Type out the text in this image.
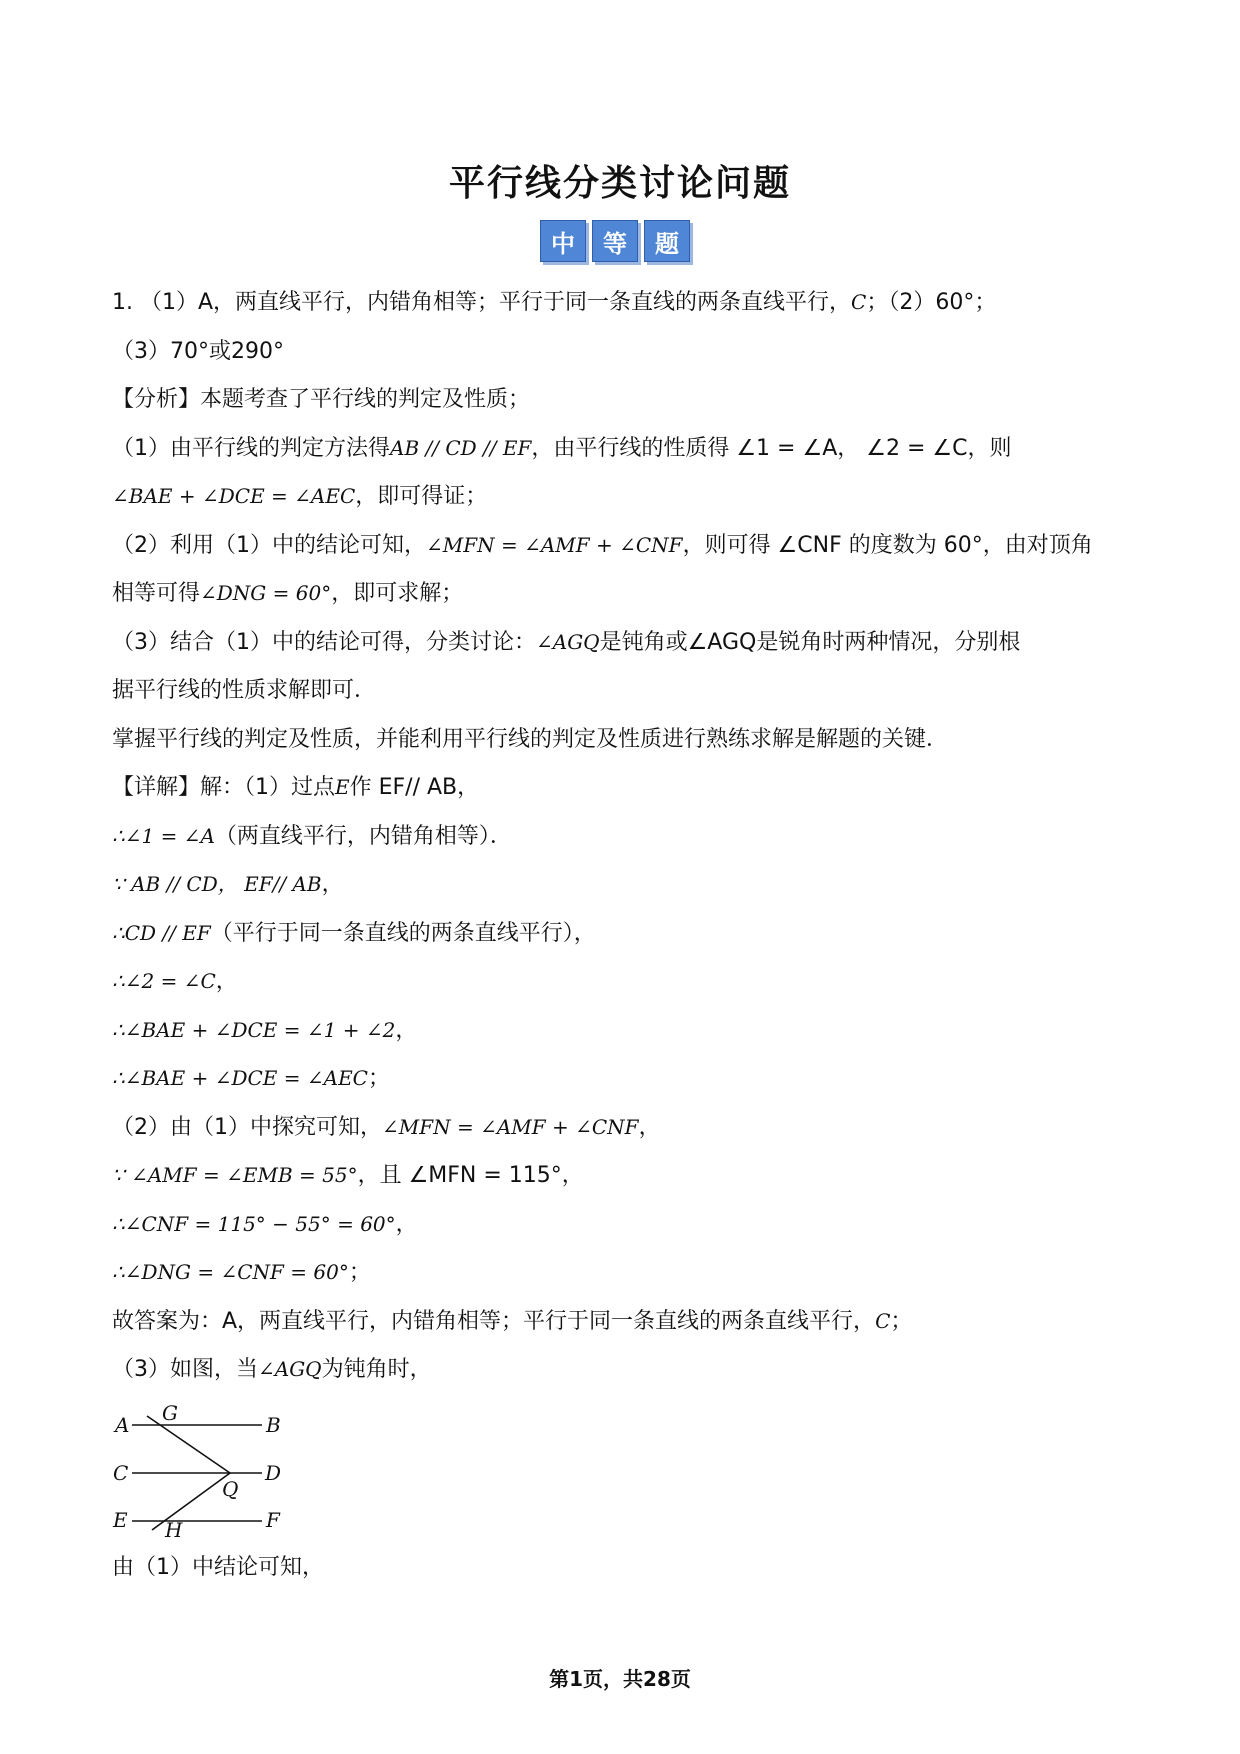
平行线分类讨论问题
中	等	题
1. （1）A，两直线平行，内错角相等；平行于同一条直线的两条直线平行，C；（2）60°；
（3）70°或290°
【分析】本题考查了平行线的判定及性质；
（1）由平行线的判定方法得AB // CD // EF，由平行线的性质得 ∠1 = ∠A， ∠2 = ∠C，则
∠BAE + ∠DCE = ∠AEC，即可得证；
（2）利用（1）中的结论可知，∠MFN = ∠AMF + ∠CNF，则可得 ∠CNF 的度数为 60°，由对顶角
相等可得∠DNG = 60°，即可求解；
（3）结合（1）中的结论可得，分类讨论：∠AGQ是钝角或∠AGQ是锐角时两种情况，分别根
据平行线的性质求解即可．
掌握平行线的判定及性质，并能利用平行线的判定及性质进行熟练求解是解题的关键．
【详解】解：（1）过点E作 EF// AB，
∴∠1 = ∠A（两直线平行，内错角相等）．
∵ AB // CD， EF// AB，
∴CD // EF（平行于同一条直线的两条直线平行），
∴∠2 = ∠C，
∴∠BAE + ∠DCE = ∠1 + ∠2，
∴∠BAE + ∠DCE = ∠AEC；
（2）由（1）中探究可知，∠MFN = ∠AMF + ∠CNF，
∵ ∠AMF = ∠EMB = 55°，且 ∠MFN = 115°，
∴∠CNF = 115° − 55° = 60°，
∴∠DNG = ∠CNF = 60°；
故答案为：A，两直线平行，内错角相等；平行于同一条直线的两条直线平行，C；
（3）如图，当∠AGQ为钝角时，
A G	B
C	D
Q
E	F
H
由（1）中结论可知，
第1页，共28页
